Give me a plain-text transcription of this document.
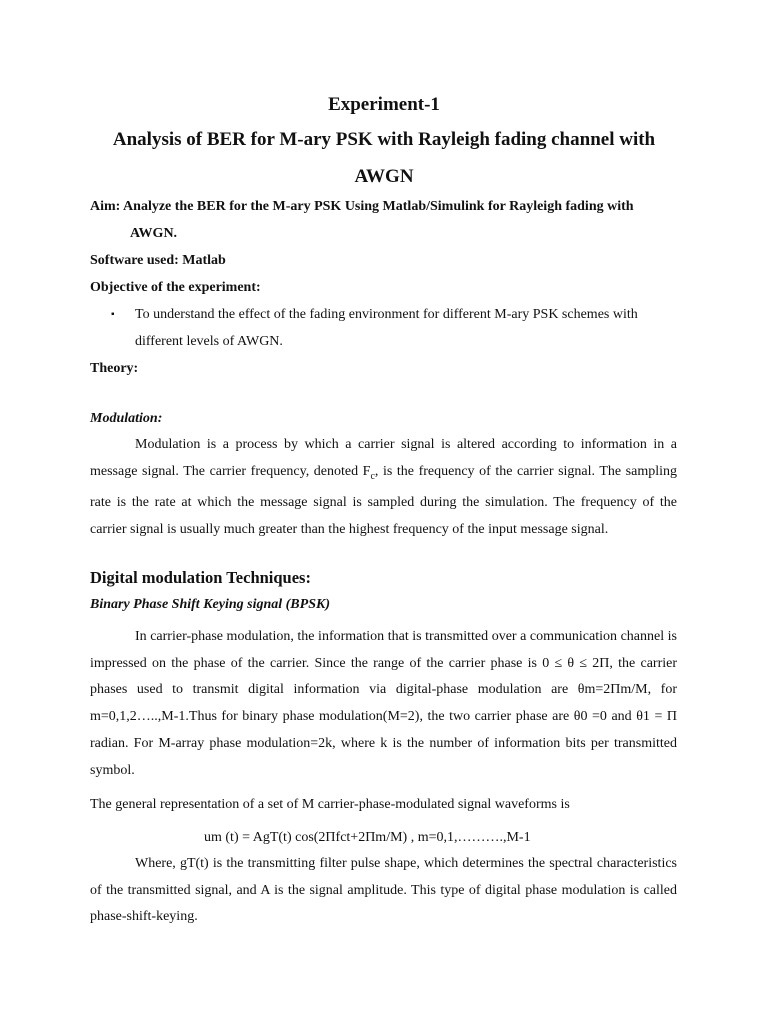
Experiment-1
Analysis of BER for M-ary PSK with Rayleigh fading channel with
AWGN
Aim: Analyze the BER for the M-ary PSK Using Matlab/Simulink for Rayleigh fading with
AWGN.
Software used: Matlab
Objective of the experiment:
▪ To understand the effect of the fading environment for different M-ary PSK schemes with
different levels of AWGN.
Theory:
Modulation:

Modulation is a process by which a carrier signal is altered according to information in a message signal. The carrier frequency, denoted $F_c$, is the frequency of the carrier signal. The sampling rate is the rate at which the message signal is sampled during the simulation. The frequency of the carrier signal is usually much greater than the highest frequency of the input message signal.

Digital modulation Techniques:
Binary Phase Shift Keying signal (BPSK)

In carrier-phase modulation, the information that is transmitted over a communication channel is impressed on the phase of the carrier. Since the range of the carrier phase is 0 ≤ θ ≤ 2Π, the carrier phases used to transmit digital information via digital-phase modulation are θm=2Πm/M, for m=0,1,2…..,M-1.Thus for binary phase modulation(M=2), the two carrier phase are θ0 =0 and θ1 = Π radian. For M-array phase modulation=2k, where k is the number of information bits per transmitted symbol.

The general representation of a set of M carrier-phase-modulated signal waveforms is
um (t) = AgT(t) cos(2Πfct+2Πm/M) , m=0,1,……….,M-1

Where, gT(t) is the transmitting filter pulse shape, which determines the spectral characteristics of the transmitted signal, and A is the signal amplitude. This type of digital phase modulation is called phase-shift-keying.
